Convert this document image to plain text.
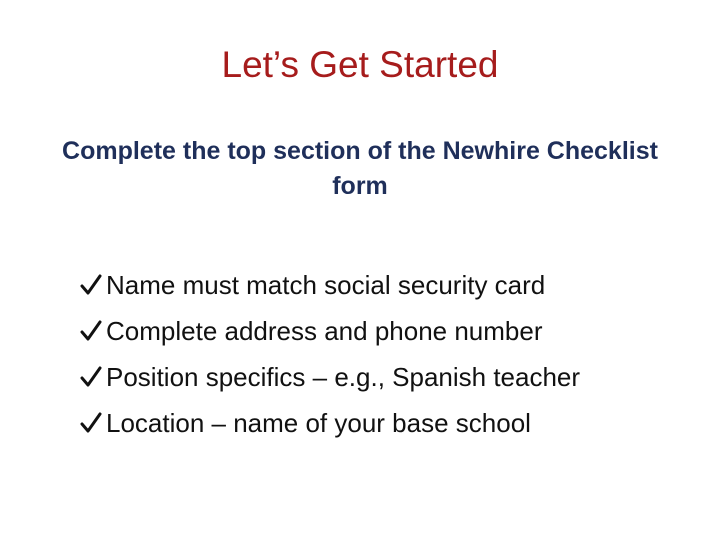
Let’s Get Started
Complete the top section of the Newhire Checklist form
Name must match social security card
Complete address and phone number
Position specifics – e.g., Spanish teacher
Location – name of your base school
